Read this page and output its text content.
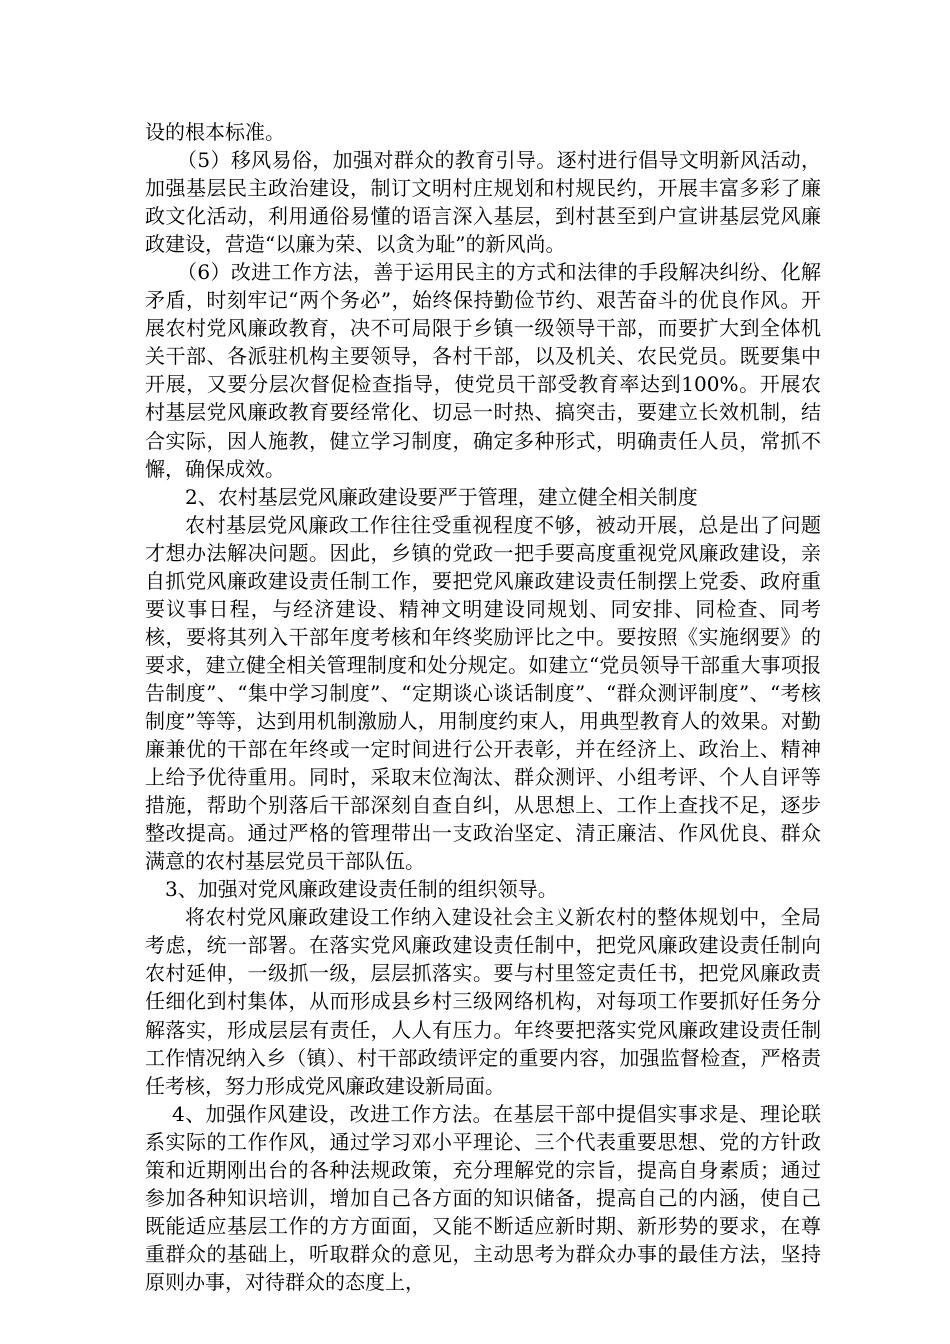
设的根本标准。

（5）移风易俗，加强对群众的教育引导。逐村进行倡导文明新风活动，加强基层民主政治建设，制订文明村庄规划和村规民约，开展丰富多彩了廉政文化活动，利用通俗易懂的语言深入基层，到村甚至到户宣讲基层党风廉政建设，营造“以廉为荣、以贪为耻”的新风尚。

（6）改进工作方法，善于运用民主的方式和法律的手段解决纠纷、化解矛盾，时刻牢记“两个务必”，始终保持勤俭节约、艰苦奋斗的优良作风。开展农村党风廉政教育，决不可局限于乡镇一级领导干部，而要扩大到全体机关干部、各派驻机构主要领导，各村干部，以及机关、农民党员。既要集中开展，又要分层次督促检查指导，使党员干部受教育率达到100%。开展农村基层党风廉政教育要经常化、切忌一时热、搞突击，要建立长效机制，结合实际，因人施教，健立学习制度，确定多种形式，明确责任人员，常抓不懈，确保成效。

2、农村基层党风廉政建设要严于管理，建立健全相关制度

农村基层党风廉政工作往往受重视程度不够，被动开展，总是出了问题才想办法解决问题。因此，乡镇的党政一把手要高度重视党风廉政建设，亲自抓党风廉政建设责任制工作，要把党风廉政建设责任制摆上党委、政府重要议事日程，与经济建设、精神文明建设同规划、同安排、同检查、同考核，要将其列入干部年度考核和年终奖励评比之中。要按照《实施纲要》的要求，建立健全相关管理制度和处分规定。如建立“党员领导干部重大事项报告制度”、“集中学习制度”、“定期谈心谈话制度”、“群众测评制度”、“考核制度”等等，达到用机制激励人，用制度约束人，用典型教育人的效果。对勤廉兼优的干部在年终或一定时间进行公开表彰，并在经济上、政治上、精神上给予优待重用。同时，采取末位淘汰、群众测评、小组考评、个人自评等措施，帮助个别落后干部深刻自查自纠，从思想上、工作上查找不足，逐步整改提高。通过严格的管理带出一支政治坚定、清正廉洁、作风优良、群众满意的农村基层党员干部队伍。

3、加强对党风廉政建设责任制的组织领导。

将农村党风廉政建设工作纳入建设社会主义新农村的整体规划中，全局考虑，统一部署。在落实党风廉政建设责任制中，把党风廉政建设责任制向农村延伸，一级抓一级，层层抓落实。要与村里签定责任书，把党风廉政责任细化到村集体，从而形成县乡村三级网络机构，对每项工作要抓好任务分解落实，形成层层有责任，人人有压力。年终要把落实党风廉政建设责任制工作情况纳入乡（镇）、村干部政绩评定的重要内容，加强监督检查，严格责任考核，努力形成党风廉政建设新局面。

4、加强作风建设，改进工作方法。在基层干部中提倡实事求是、理论联系实际的工作作风，通过学习邓小平理论、三个代表重要思想、党的方针政策和近期刚出台的各种法规政策，充分理解党的宗旨，提高自身素质；通过参加各种知识培训，增加自己各方面的知识储备，提高自己的内涵，使自己既能适应基层工作的方方面面，又能不断适应新时期、新形势的要求，在尊重群众的基础上，听取群众的意见，主动思考为群众办事的最佳方法，坚持原则办事，对待群众的态度上，
